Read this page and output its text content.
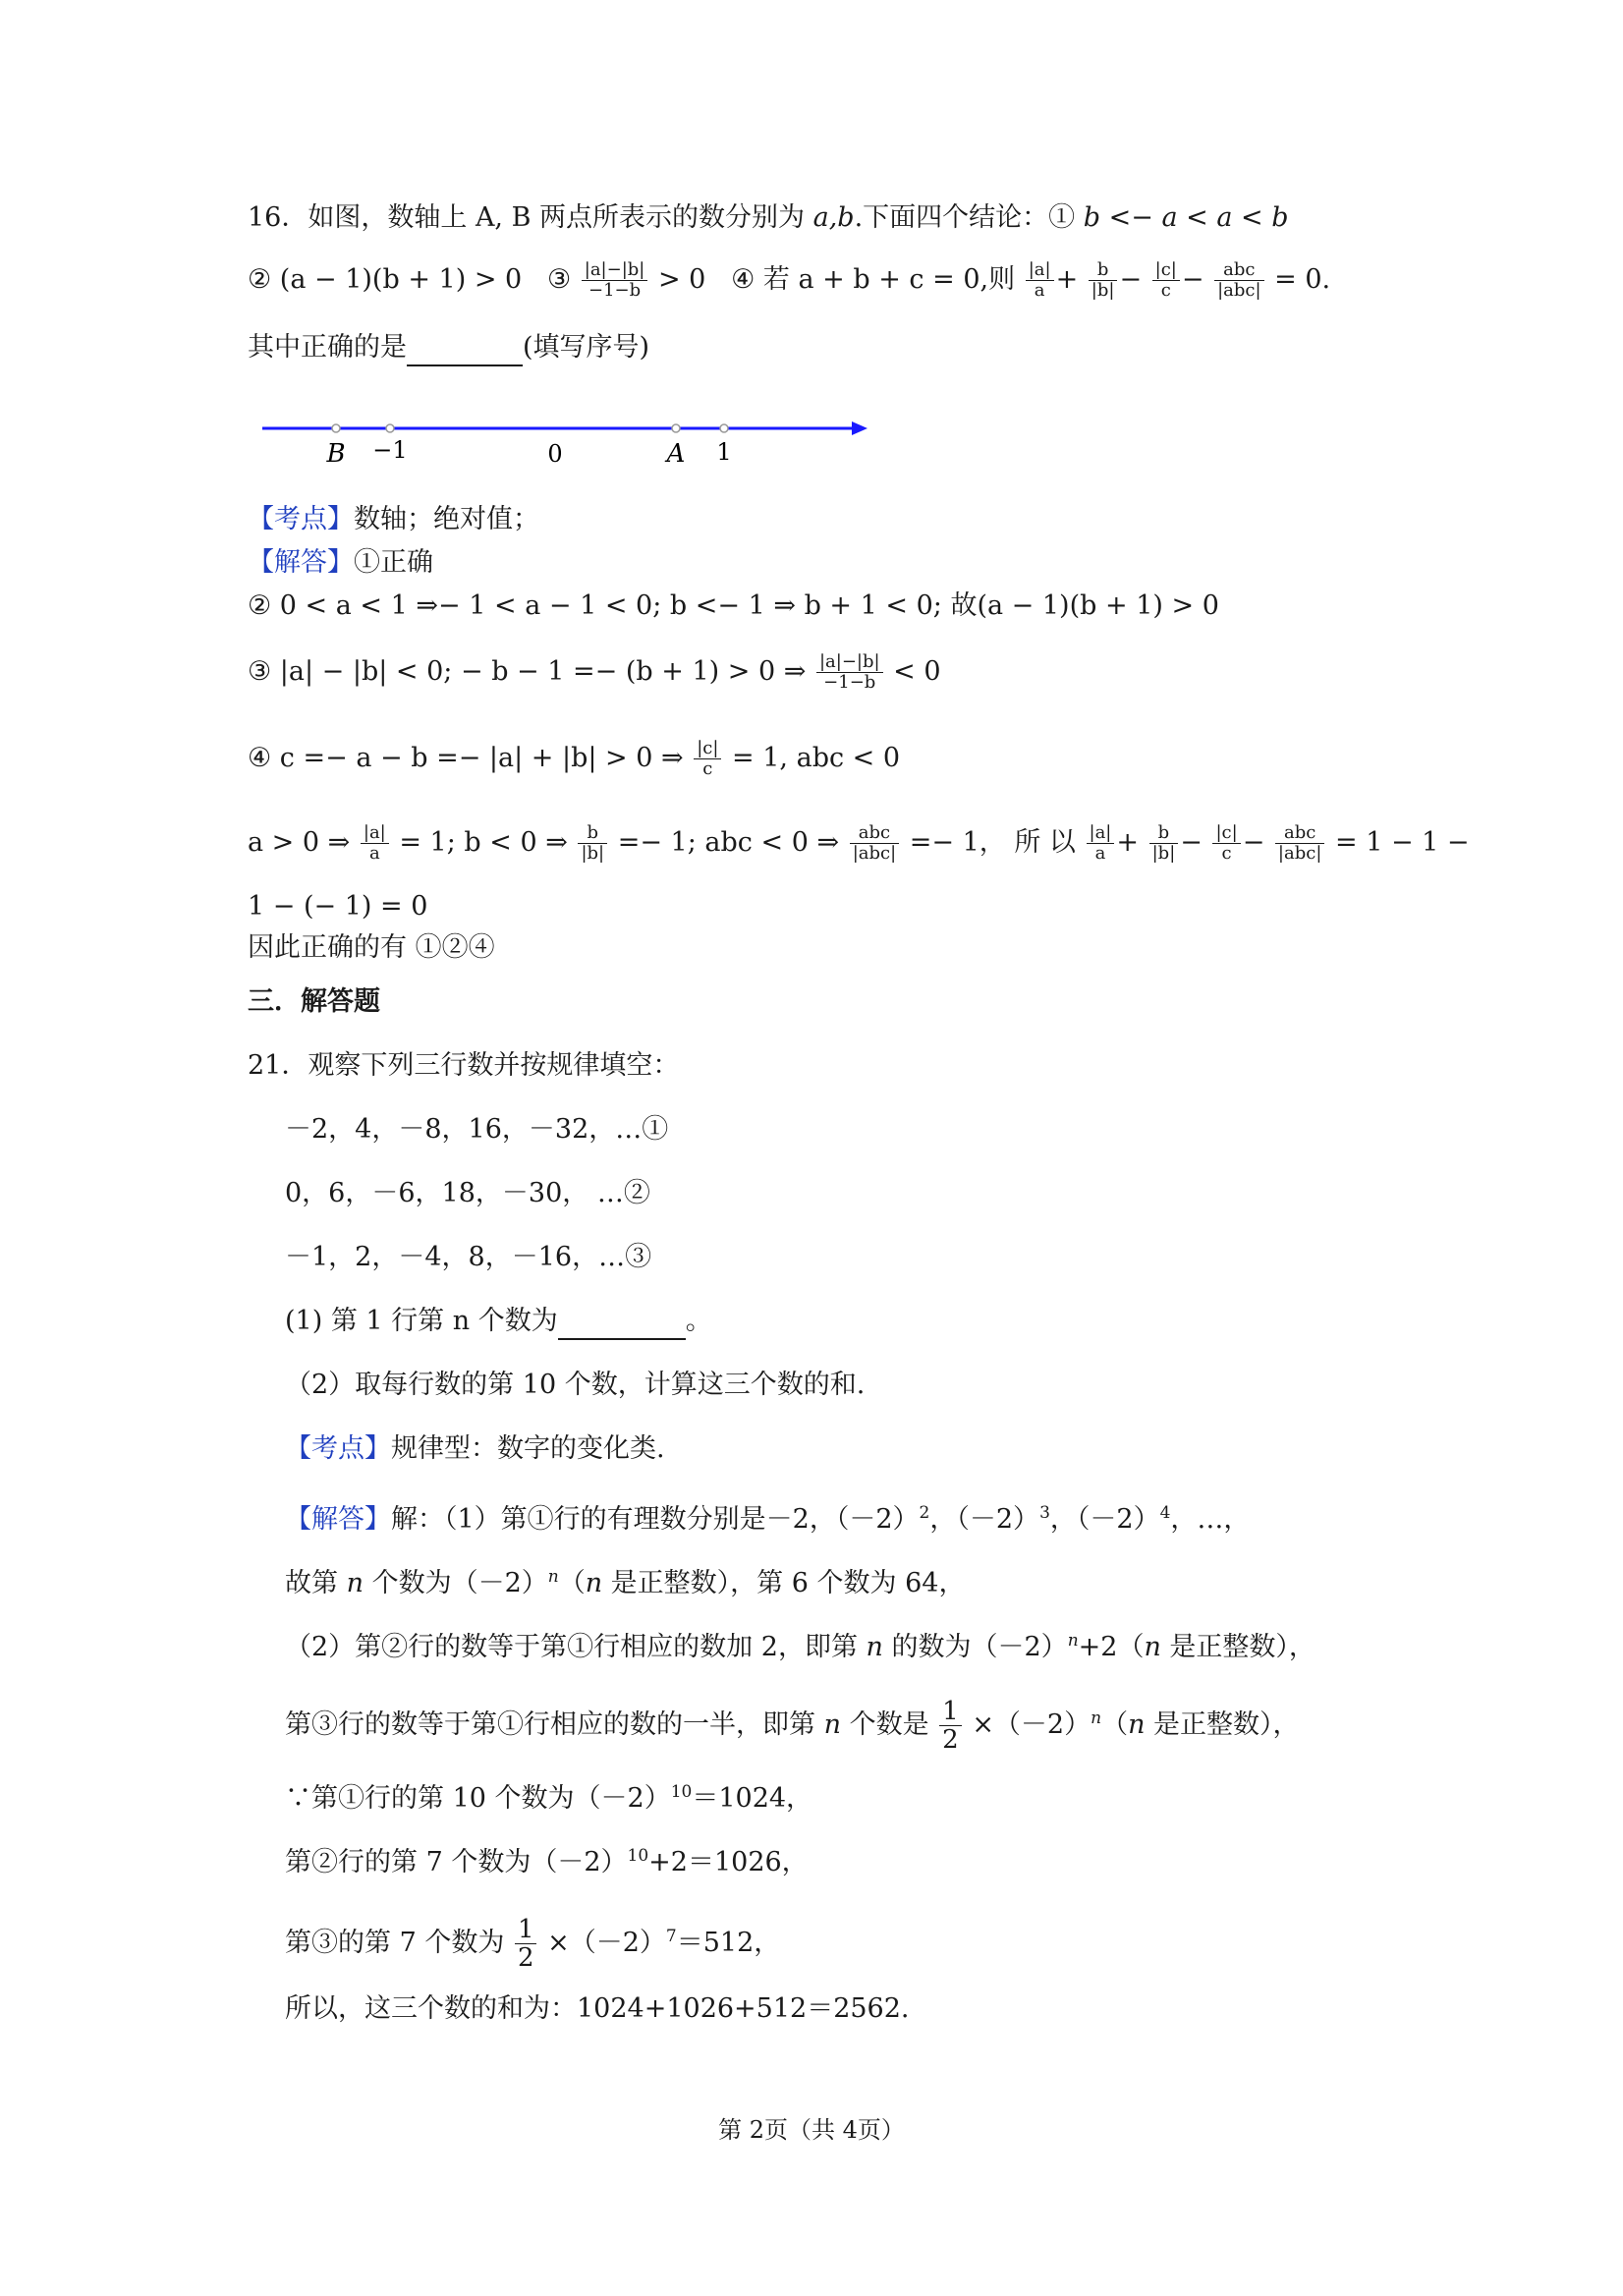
16．如图，数轴上 A, B 两点所表示的数分别为 a,b.下面四个结论：① b <− a < a < b
② (a − 1)(b + 1) > 0 ③ $\frac{|a|-|b|}{-1-b} > 0$ ④ 若 a + b + c = 0,则 $\frac{|a|}{a} + \frac{b}{|b|} - \frac{|c|}{c} - \frac{\text{abc}}{\text{|abc|}} = 0$.
其中正确的是	(填写序号)
B −1	0	A 1
【考点】数轴；绝对值；
【解答】①正确
② 0 < a < 1 ⇒− 1 < a − 1 < 0; b <− 1 ⇒ b + 1 < 0; 故(a − 1)(b + 1) > 0
③ |a| − |b| < 0; − b − 1 =− (b + 1) > 0 ⇒ $\frac{|a|-|b|}{-1-b} < 0$
④ c =− a − b =− |a| + |b| > 0 ⇒ $\frac{|c|}{c} = 1$, abc < 0
a > 0 ⇒ $\frac{|a|}{a} = 1$; b < 0 ⇒ $\frac{b}{|b|} =- 1$; abc < 0 ⇒ $\frac{\text{abc}}{\text{|abc|}} =- 1$， 所 以 $\frac{|a|}{a} + \frac{b}{|b|} - \frac{|c|}{c} - \frac{\text{abc}}{\text{|abc|}} = 1 - 1$ −
1 − (− 1) = 0
因此正确的有 ①②④
三．解答题
21．观察下列三行数并按规律填空：
－2，4，－8，16，－32，…①
0，6，－6，18，－30， …②
－1，2，－4，8，－16，…③
(1) 第 1 行第 n 个数为	。
（2）取每行数的第 10 个数，计算这三个数的和.
【考点】规律型：数字的变化类.
【解答】解：（1）第①行的有理数分别是－2，$(-2)^2$，$(-2)^3$，$(-2)^4$，…，
故第 n 个数为$(-2)^n(n$ 是正整数），第 6 个数为 64，
（2）第②行的数等于第①行相应的数加 2，即第 n 的数为$(-2)^n+2(n$ 是正整数），
第③行的数等于第①行相应的数的一半，即第 n 个数是 $\frac{1}{2} \times(-2)^n(n$ 是正整数），
∵第①行的第 10 个数为$(-2)^{10}=1024$，
第②行的第 7 个数为$(-2)^{10}+2=1026$，
第③的第 7 个数为 $\frac{1}{2} \times(-2)^7=512$，
所以，这三个数的和为：1024+1026+512＝2562.
第 2页（共 4页）
